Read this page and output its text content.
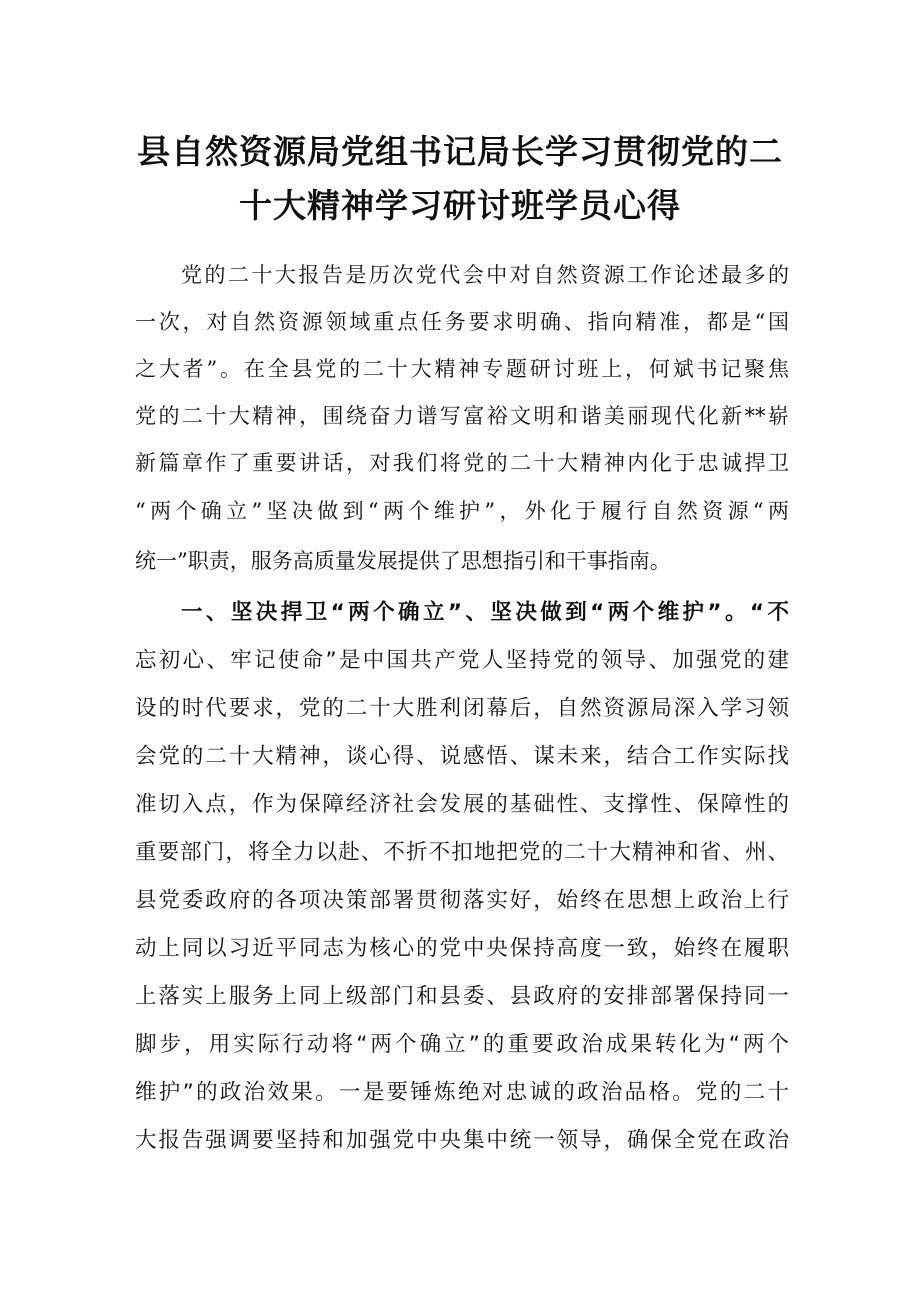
县自然资源局党组书记局长学习贯彻党的二
十大精神学习研讨班学员心得
党的二十大报告是历次党代会中对自然资源工作论述最多的
一次，对自然资源领域重点任务要求明确、指向精准，都是“国
之大者”。在全县党的二十大精神专题研讨班上，何斌书记聚焦
党的二十大精神，围绕奋力谱写富裕文明和谐美丽现代化新**崭
新篇章作了重要讲话，对我们将党的二十大精神内化于忠诚捍卫
“两个确立”坚决做到“两个维护”，外化于履行自然资源“两
统一”职责，服务高质量发展提供了思想指引和干事指南。
一、坚决捍卫“两个确立”、坚决做到“两个维护”。“不
忘初心、牢记使命”是中国共产党人坚持党的领导、加强党的建
设的时代要求，党的二十大胜利闭幕后，自然资源局深入学习领
会党的二十大精神，谈心得、说感悟、谋未来，结合工作实际找
准切入点，作为保障经济社会发展的基础性、支撑性、保障性的
重要部门，将全力以赴、不折不扣地把党的二十大精神和省、州、
县党委政府的各项决策部署贯彻落实好，始终在思想上政治上行
动上同以习近平同志为核心的党中央保持高度一致，始终在履职
上落实上服务上同上级部门和县委、县政府的安排部署保持同一
脚步，用实际行动将“两个确立”的重要政治成果转化为“两个
维护”的政治效果。一是要锤炼绝对忠诚的政治品格。党的二十
大报告强调要坚持和加强党中央集中统一领导，确保全党在政治
